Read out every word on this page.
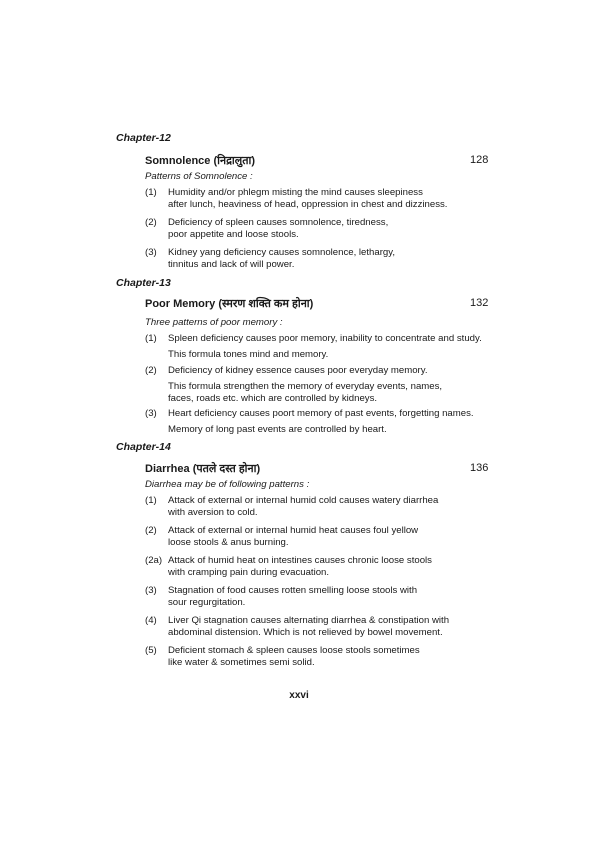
Chapter-12
Somnolence (निद्रालुता)	128
Patterns of Somnolence :
(1) Humidity and/or phlegm misting the mind causes sleepiness
after lunch, heaviness of head, oppression in chest and dizziness.
(2) Deficiency of spleen causes somnolence, tiredness,
poor appetite and loose stools.
(3) Kidney yang deficiency causes somnolence, lethargy,
tinnitus and lack of will power.
Chapter-13
Poor Memory (स्मरण शक्ति कम होना)	132
Three patterns of poor memory :
(1) Spleen deficiency causes poor memory, inability to concentrate and study.
This formula tones mind and memory.
(2) Deficiency of kidney essence causes poor everyday memory.
This formula strengthen the memory of everyday events, names,
faces, roads etc. which are controlled by kidneys.
(3) Heart deficiency causes poort memory of past events, forgetting names.
Memory of long past events are controlled by heart.
Chapter-14
Diarrhea (पतले दस्त होना)	136
Diarrhea may be of following patterns :
(1) Attack of external or internal humid cold causes watery diarrhea
with aversion to cold.
(2) Attack of external or internal humid heat causes foul yellow
loose stools & anus burning.
(2a) Attack of humid heat on intestines causes chronic loose stools
with cramping pain during evacuation.
(3) Stagnation of food causes rotten smelling loose stools with
sour regurgitation.
(4) Liver Qi stagnation causes alternating diarrhea & constipation with
abdominal distension. Which is not relieved by bowel movement.
(5) Deficient stomach & spleen causes loose stools sometimes
like water & sometimes semi solid.
xxvi
